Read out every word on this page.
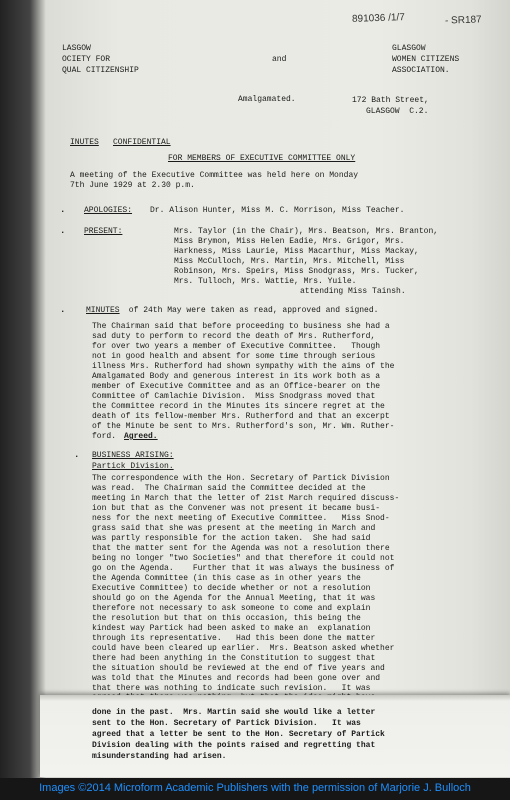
891036 /1/7	- SR187
LASGOW
OCIETY FOR
QUAL CITIZENSHIP
and
GLASGOW
WOMEN CITIZENS
ASSOCIATION.
Amalgamated.	172 Bath Street,
GLASGOW  C.2.
INUTES CONFIDENTIAL
FOR MEMBERS OF EXECUTIVE COMMITTEE ONLY
A meeting of the Executive Committee was held here on Monday
7th June 1929 at 2.30 p.m.
. APOLOGIES: Dr. Alison Hunter, Miss M. C. Morrison, Miss Teacher.
. PRESENT:	Mrs. Taylor (in the Chair), Mrs. Beatson, Mrs. Branton,
Miss Brymon, Miss Helen Eadie, Mrs. Grigor, Mrs.
Harkness, Miss Laurie, Miss Macarthur, Miss Mackay,
Miss McCulloch, Mrs. Martin, Mrs. Mitchell, Miss
Robinson, Mrs. Speirs, Miss Snodgrass, Mrs. Tucker,
Mrs. Tulloch, Mrs. Wattie, Mrs. Yuile.
attending Miss Tainsh.
.	MINUTES of 24th May were taken as read, approved and signed.
The Chairman said that before proceeding to business she had a
sad duty to perform to record the death of Mrs. Rutherford,
for over two years a member of Executive Committee.   Though
not in good health and absent for some time through serious
illness Mrs. Rutherford had shown sympathy with the aims of the
Amalgamated Body and generous interest in its work both as a
member of Executive Committee and as an Office-bearer on the
Committee of Camlachie Division.  Miss Snodgrass moved that
the Committee record in the Minutes its sincere regret at the
death of its fellow-member Mrs. Rutherford and that an excerpt
of the Minute be sent to Mrs. Rutherford's son, Mr. Wm. Ruther-
ford. Agreed.
. BUSINESS ARISING:
Partick Division.
The correspondence with the Hon. Secretary of Partick Division
was read.  The Chairman said the Committee decided at the
meeting in March that the letter of 21st March required discuss-
ion but that as the Convener was not present it became busi-
ness for the next meeting of Executive Committee.   Miss Snod-
grass said that she was present at the meeting in March and
was partly responsible for the action taken.  She had said
that the matter sent for the Agenda was not a resolution there
being no longer "two Societies" and that therefore it could not
go on the Agenda.    Further that it was always the business of
the Agenda Committee (in this case as in other years the
Executive Committee) to decide whether or not a resolution
should go on the Agenda for the Annual Meeting, that it was
therefore not necessary to ask someone to come and explain
the resolution but that on this occasion, this being the
kindest way Partick had been asked to make an  explanation
through its representative.   Had this been done the matter
could have been cleared up earlier.  Mrs. Beatson asked whether
there had been anything in the Constitution to suggest that
the situation should be reviewed at the end of five years and
was told that the Minutes and records had been gone over and
that there was nothing to indicate such revision.   It was
done in the past.  Mrs. Martin said she would like a letter
sent to the Hon. Secretary of Partick Division.   It was
agreed that a letter be sent to the Hon. Secretary of Partick
Division dealing with the points raised and regretting that
misunderstanding had arisen.
Images ©2014 Microform Academic Publishers with the permission of Marjorie J. Bulloch
